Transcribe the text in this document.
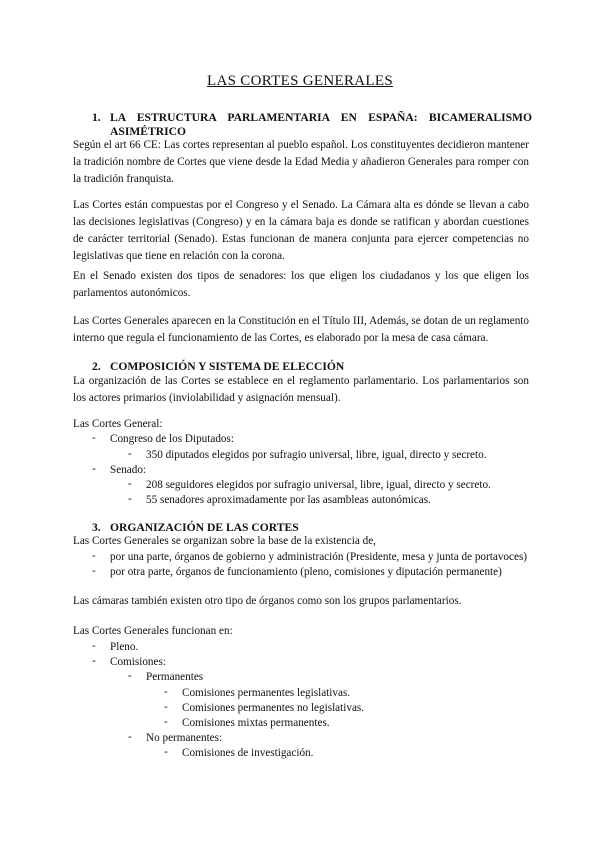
LAS CORTES GENERALES
1. LA ESTRUCTURA PARLAMENTARIA EN ESPAÑA: BICAMERALISMO
ASIMÉTRICO
Según el art 66 CE: Las cortes representan al pueblo español. Los constituyentes decidieron mantener la tradición nombre de Cortes que viene desde la Edad Media y añadieron Generales para romper con la tradición franquista.
Las Cortes están compuestas por el Congreso y el Senado. La Cámara alta es dónde se llevan a cabo las decisiones legislativas (Congreso) y en la cámara baja es donde se ratifican y abordan cuestiones de carácter territorial (Senado). Estas funcionan de manera conjunta para ejercer competencias no legislativas que tiene en relación con la corona.
En el Senado existen dos tipos de senadores: los que eligen los ciudadanos y los que eligen los parlamentos autonómicos.
Las Cortes Generales aparecen en la Constitución en el Título III, Además, se dotan de un reglamento interno que regula el funcionamiento de las Cortes, es elaborado por la mesa de casa cámara.
2. COMPOSICIÓN Y SISTEMA DE ELECCIÓN
La organización de las Cortes se establece en el reglamento parlamentario. Los parlamentarios son los actores primarios (inviolabilidad y asignación mensual).
Las Cortes General:
- Congreso de los Diputados:
- 350 diputados elegidos por sufragio universal, libre, igual, directo y secreto.
- Senado:
- 208 seguidores elegidos por sufragio universal, libre, igual, directo y secreto.
- 55 senadores aproximadamente por las asambleas autonómicas.
3. ORGANIZACIÓN DE LAS CORTES
Las Cortes Generales se organizan sobre la base de la existencia de,
- por una parte, órganos de gobierno y administración (Presidente, mesa y junta de portavoces)
- por otra parte, órganos de funcionamiento (pleno, comisiones y diputación permanente)
Las cámaras también existen otro tipo de órganos como son los grupos parlamentarios.
Las Cortes Generales funcionan en:
- Pleno.
- Comisiones:
- Permanentes
- Comisiones permanentes legislativas.
- Comisiones permanentes no legislativas.
- Comisiones mixtas permanentes.
- No permanentes:
- Comisiones de investigación.
